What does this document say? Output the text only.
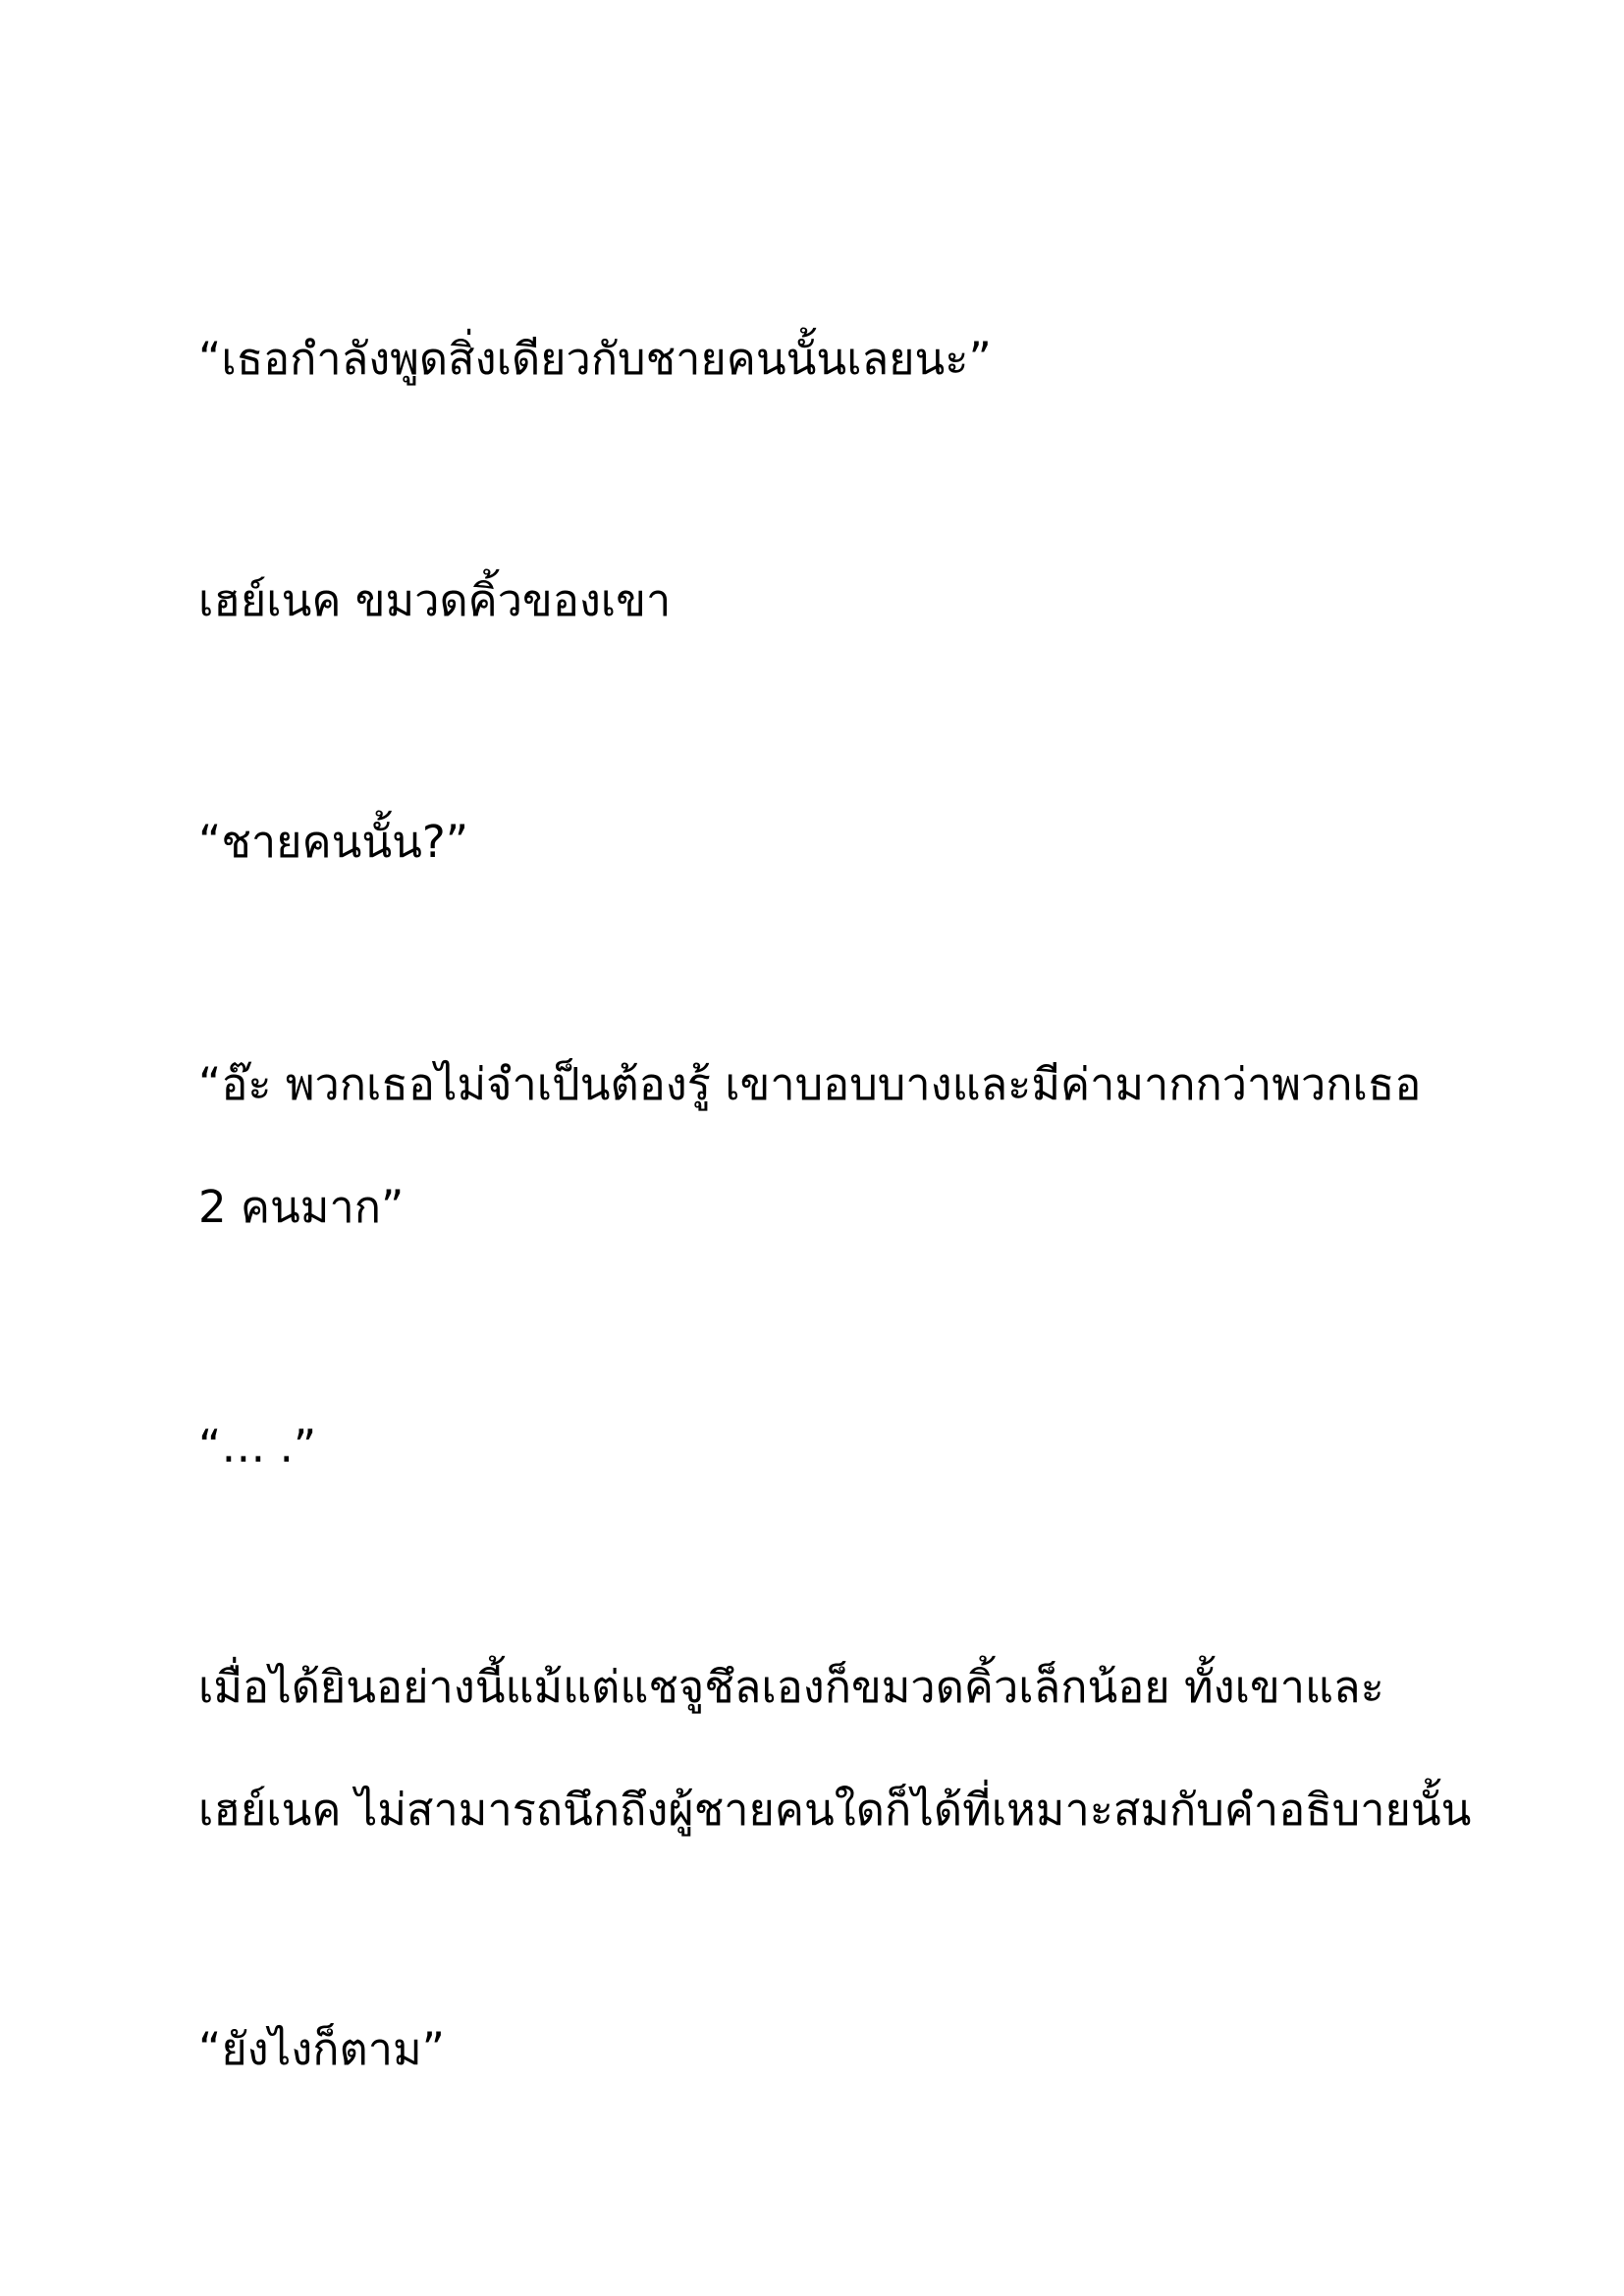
“เธอกำลังพูดสิ่งเดียวกับชายคนนั้นเลยนะ”

เฮย์เนค ขมวดคิ้วของเขา

“ชายคนนั้น?”

“อ๊ะ พวกเธอไม่จำเป็นต้องรู้ เขาบอบบางและมีค่ามากกว่าพวกเธอ

2 คนมาก”

“… .”

เมื่อได้ยินอย่างนี้แม้แต่แชจูชึลเองก็ขมวดคิ้วเล็กน้อย ทั้งเขาและ

เฮย์เนค ไม่สามารถนึกถึงผู้ชายคนใดก็ได้ที่เหมาะสมกับคำอธิบายนั้น

“ยังไงก็ตาม”
